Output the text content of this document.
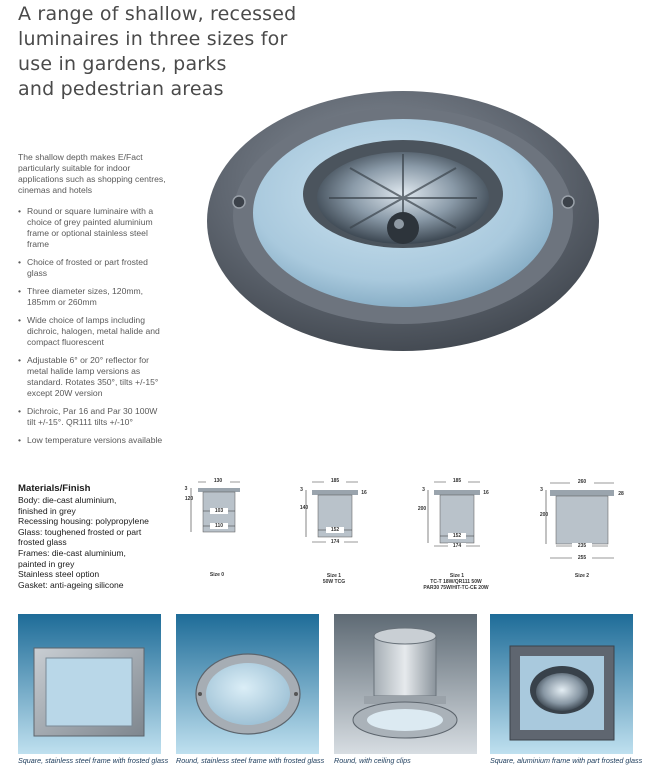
A range of shallow, recessed
luminaires in three sizes for
use in gardens, parks
and pedestrian areas

The shallow depth makes E/Fact particularly suitable for indoor applications such as shopping centres, cinemas and hotels

• Round or square luminaire with a choice of grey painted aluminium frame or optional stainless steel frame
• Choice of frosted or part frosted glass
• Three diameter sizes, 120mm, 185mm or 260mm
• Wide choice of lamps including dichroic, halogen, metal halide and compact fluorescent
• Adjustable 6° or 20° reflector for metal halide lamp versions as standard. Rotates 350°, tilts +/-15° except 20W version
• Dichroic, Par 16 and Par 30 100W tilt +/-15°. QR111 tilts +/-10°
• Low temperature versions available
Materials/Finish
Body: die-cast aluminium,
finished in grey
Recessing housing: polypropylene
Glass: toughened frosted or part
frosted glass
Frames: die-cast aluminium,
painted in grey
Stainless steel option
Gasket: anti-ageing silicone
130
3
120
103
110
Size 0
185
3
140
16
152
174
Size 1
50W TCG
185
3
200
16
152
174
Size 1
TC-T 18W/QR111 50W
PAR30 75W/HIT-TC-CE 20W
260
3
200
28
235
255
Size 2
Square, stainless steel frame with frosted glass Round, stainless steel frame with frosted glass Round, with ceiling clips	Square, aluminium frame with part frosted glass
